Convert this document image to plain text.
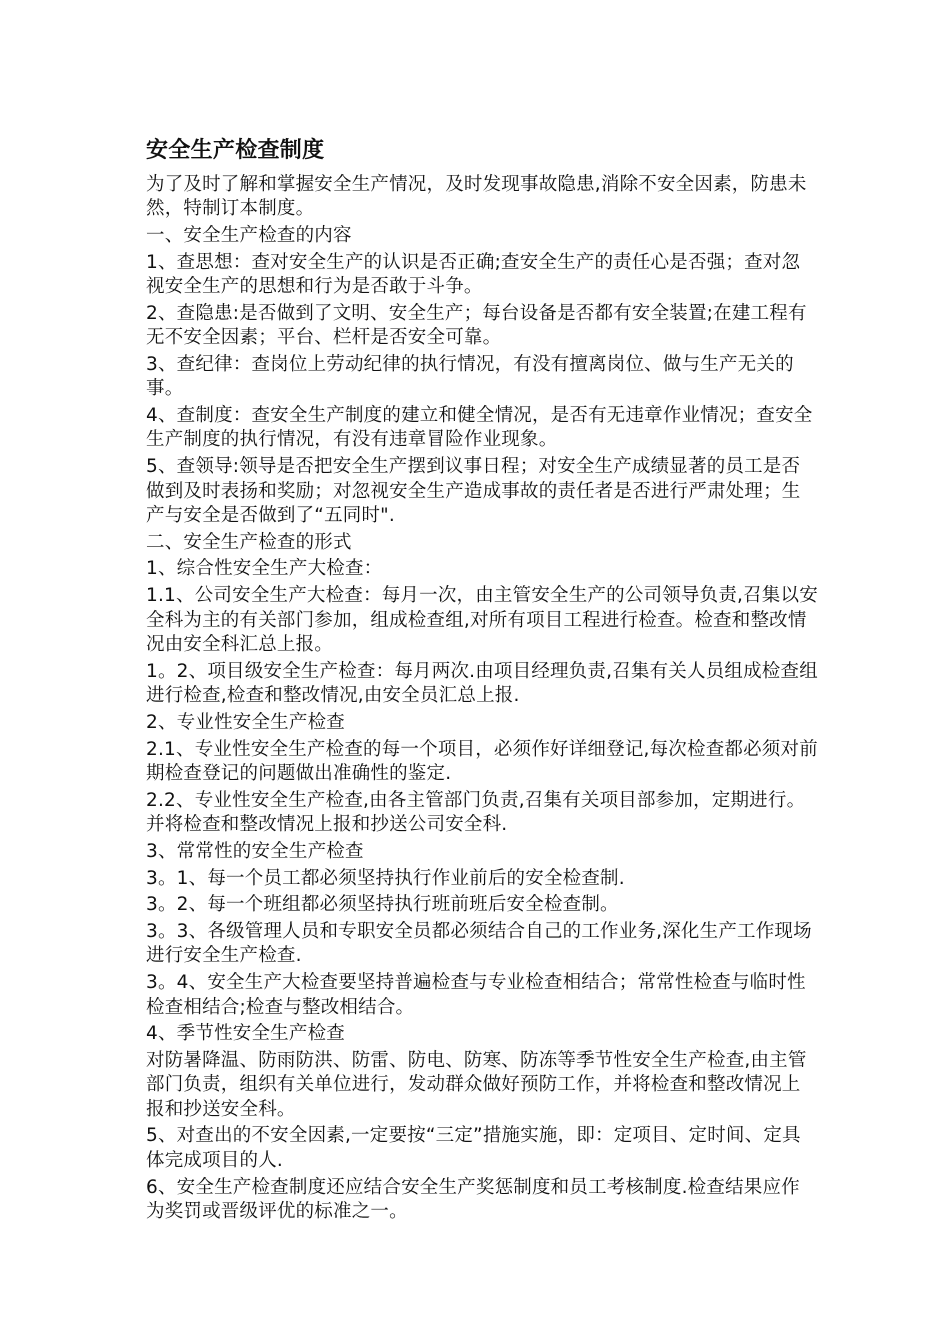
安全生产检查制度
为了及时了解和掌握安全生产情况，及时发现事故隐患,消除不安全因素，防患未然，特制订本制度。
一、安全生产检查的内容
1、查思想：查对安全生产的认识是否正确;查安全生产的责任心是否强；查对忽视安全生产的思想和行为是否敢于斗争。
2、查隐患:是否做到了文明、安全生产；每台设备是否都有安全装置;在建工程有无不安全因素；平台、栏杆是否安全可靠。
3、查纪律：查岗位上劳动纪律的执行情况，有没有擅离岗位、做与生产无关的事。
4、查制度：查安全生产制度的建立和健全情况，是否有无违章作业情况；查安全生产制度的执行情况，有没有违章冒险作业现象。
5、查领导:领导是否把安全生产摆到议事日程；对安全生产成绩显著的员工是否做到及时表扬和奖励；对忽视安全生产造成事故的责任者是否进行严肃处理；生产与安全是否做到了“五同时".
二、安全生产检查的形式
1、综合性安全生产大检查：
1.1、公司安全生产大检查：每月一次，由主管安全生产的公司领导负责,召集以安全科为主的有关部门参加，组成检查组,对所有项目工程进行检查。检查和整改情况由安全科汇总上报。
1。2、项目级安全生产检查：每月两次.由项目经理负责,召集有关人员组成检查组进行检查,检查和整改情况,由安全员汇总上报.
2、专业性安全生产检查
2.1、专业性安全生产检查的每一个项目，必须作好详细登记,每次检查都必须对前期检查登记的问题做出准确性的鉴定.
2.2、专业性安全生产检查,由各主管部门负责,召集有关项目部参加，定期进行。并将检查和整改情况上报和抄送公司安全科.
3、常常性的安全生产检查
3。1、每一个员工都必须坚持执行作业前后的安全检查制.
3。2、每一个班组都必须坚持执行班前班后安全检查制。
3。3、各级管理人员和专职安全员都必须结合自己的工作业务,深化生产工作现场进行安全生产检查.
3。4、安全生产大检查要坚持普遍检查与专业检查相结合；常常性检查与临时性检查相结合;检查与整改相结合。
4、季节性安全生产检查
对防暑降温、防雨防洪、防雷、防电、防寒、防冻等季节性安全生产检查,由主管部门负责，组织有关单位进行，发动群众做好预防工作，并将检查和整改情况上报和抄送安全科。
5、对查出的不安全因素,一定要按“三定”措施实施，即：定项目、定时间、定具体完成项目的人.
6、安全生产检查制度还应结合安全生产奖惩制度和员工考核制度.检查结果应作为奖罚或晋级评优的标准之一。
